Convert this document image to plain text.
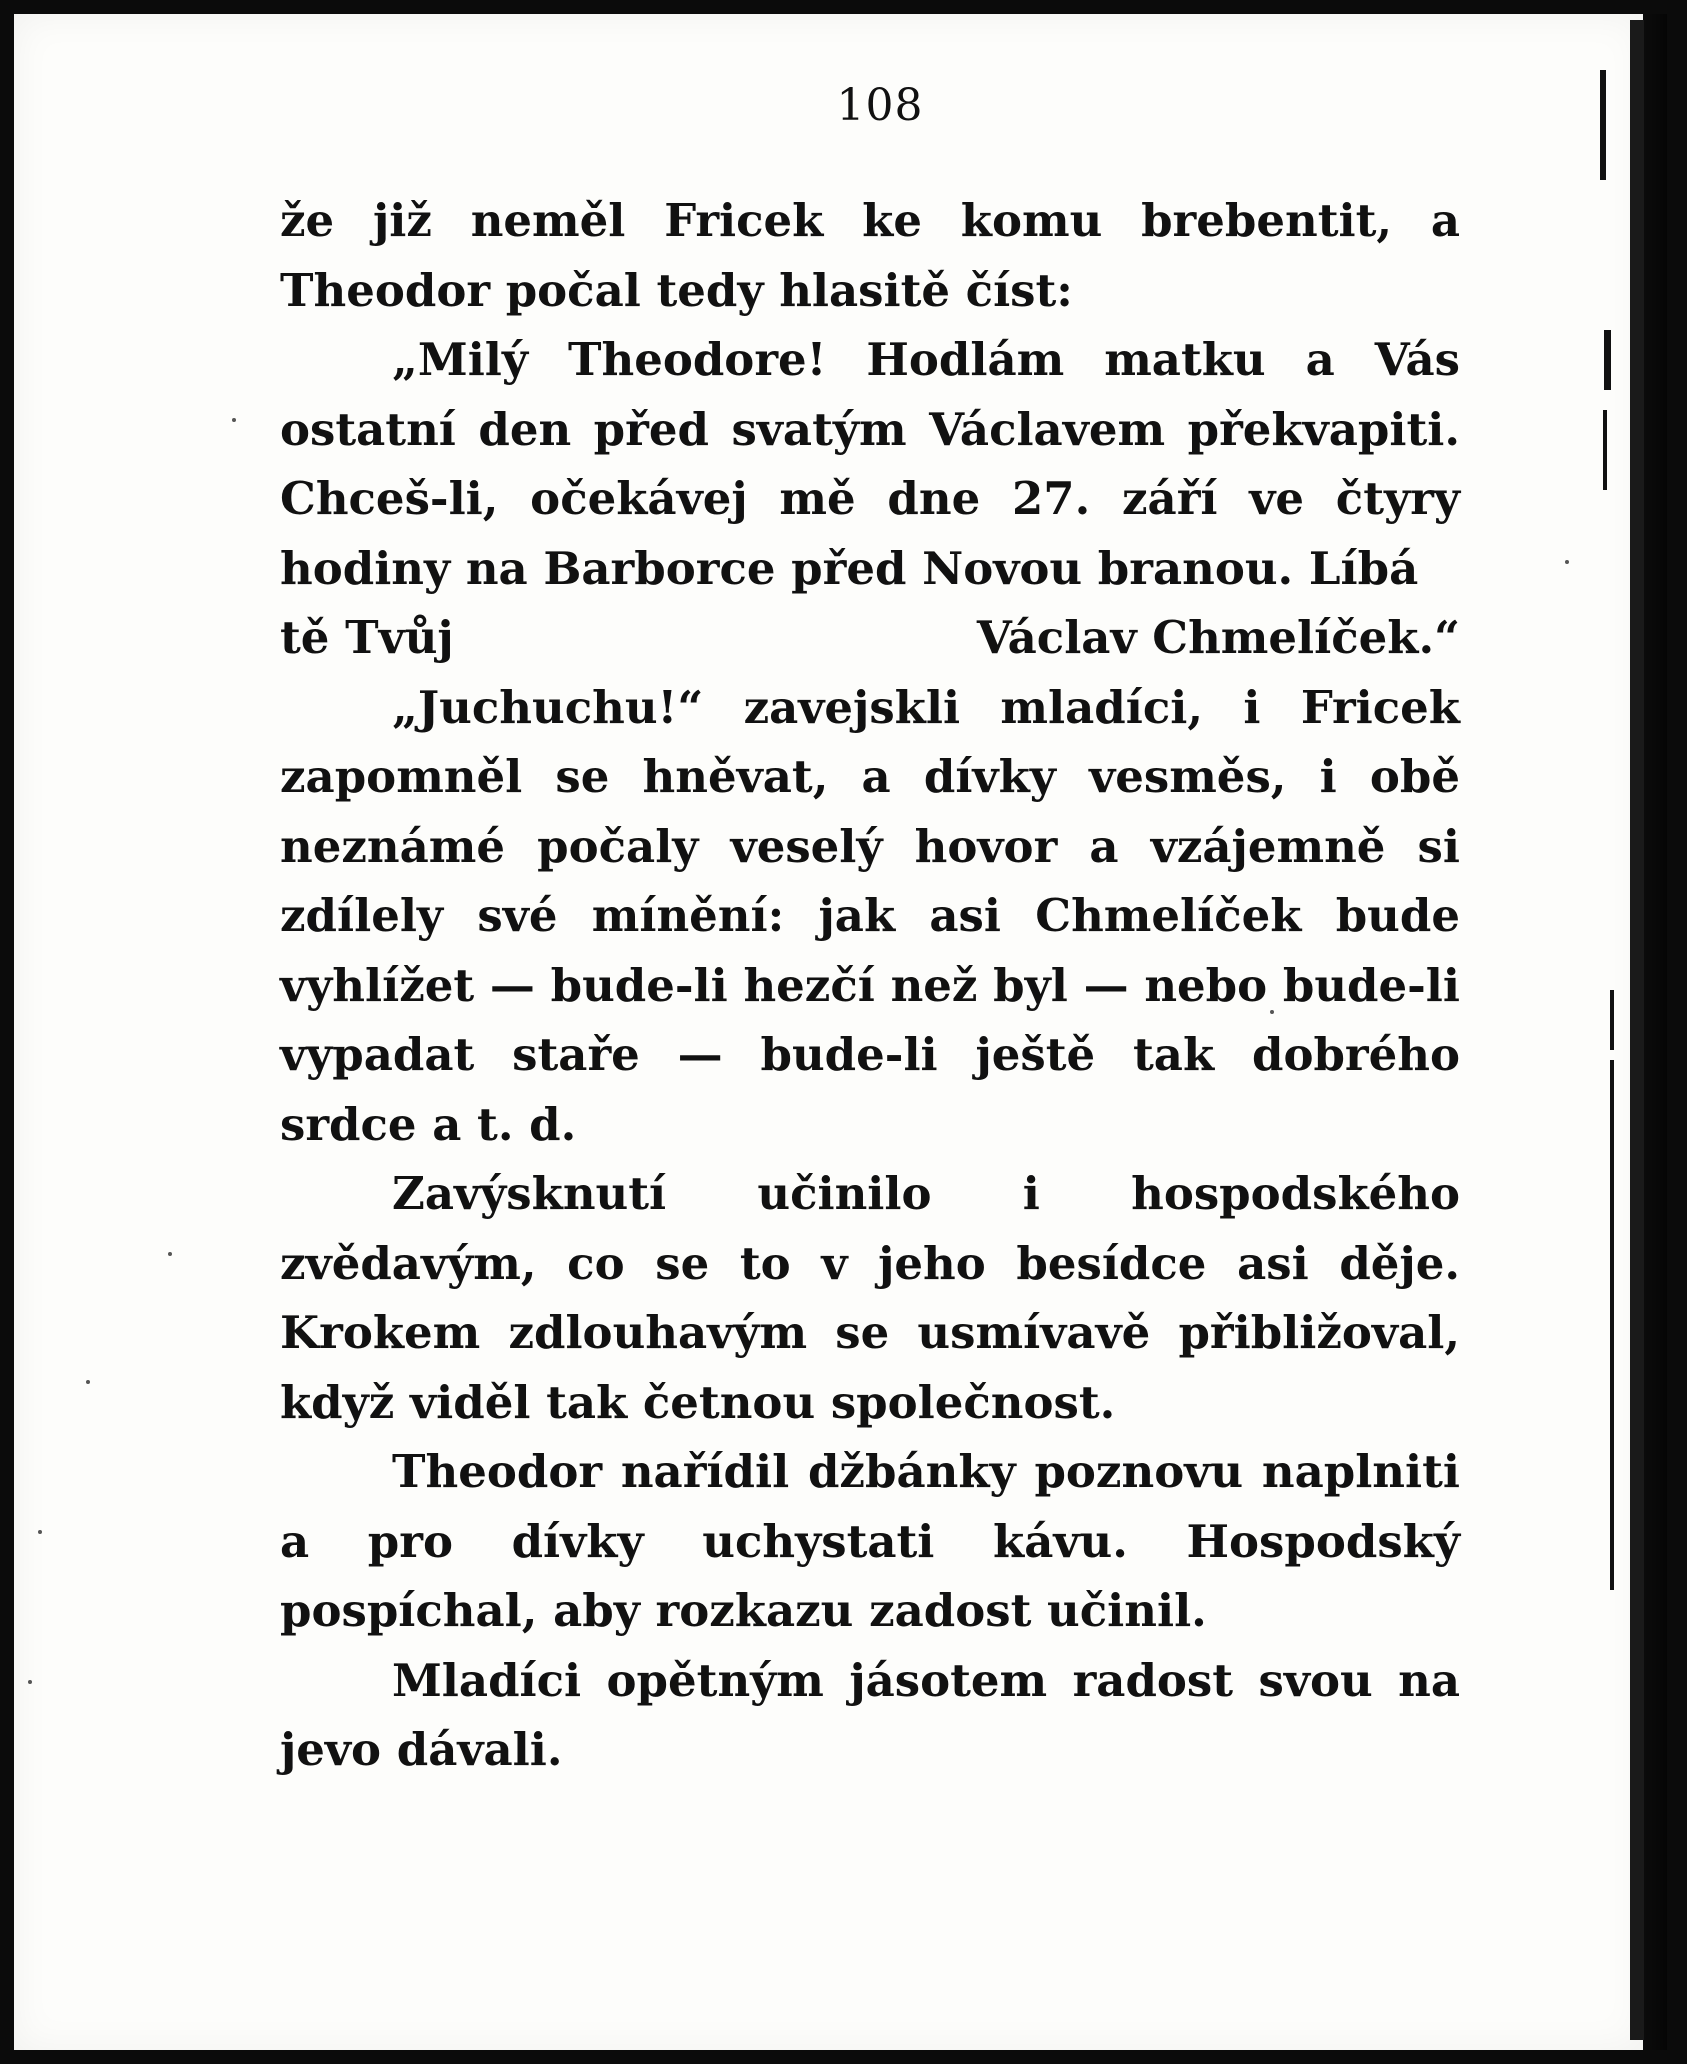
108

že již neměl Fricek ke komu brebentit, a Theodor počal tedy hlasitě číst:

„Milý Theodore! Hodlám matku a Vás ostatní den před svatým Václavem překvapiti. Chceš-li, očekávej mě dne 27. září ve čtyry hodiny na Barborce před Novou branou. Líbá

tě Tvůj	Václav Chmelíček.“

„Juchuchu!“ zavejskli mladíci, i Fricek zapomněl se hněvat, a dívky vesměs, i obě neznámé počaly veselý hovor a vzájemně si zdílely své mínění: jak asi Chmelíček bude vyhlížet — bude-li hezčí než byl — nebo bude-li vypadat staře — bude-li ještě tak dobrého srdce a t. d.

Zavýsknutí učinilo i hospodského zvědavým, co se to v jeho besídce asi děje. Krokem zdlouhavým se usmívavě přibližoval, když viděl tak četnou společnost.

Theodor nařídil džbánky poznovu naplniti a pro dívky uchystati kávu. Hospodský pospíchal, aby rozkazu zadost učinil.

Mladíci opětným jásotem radost svou na jevo dávali.
